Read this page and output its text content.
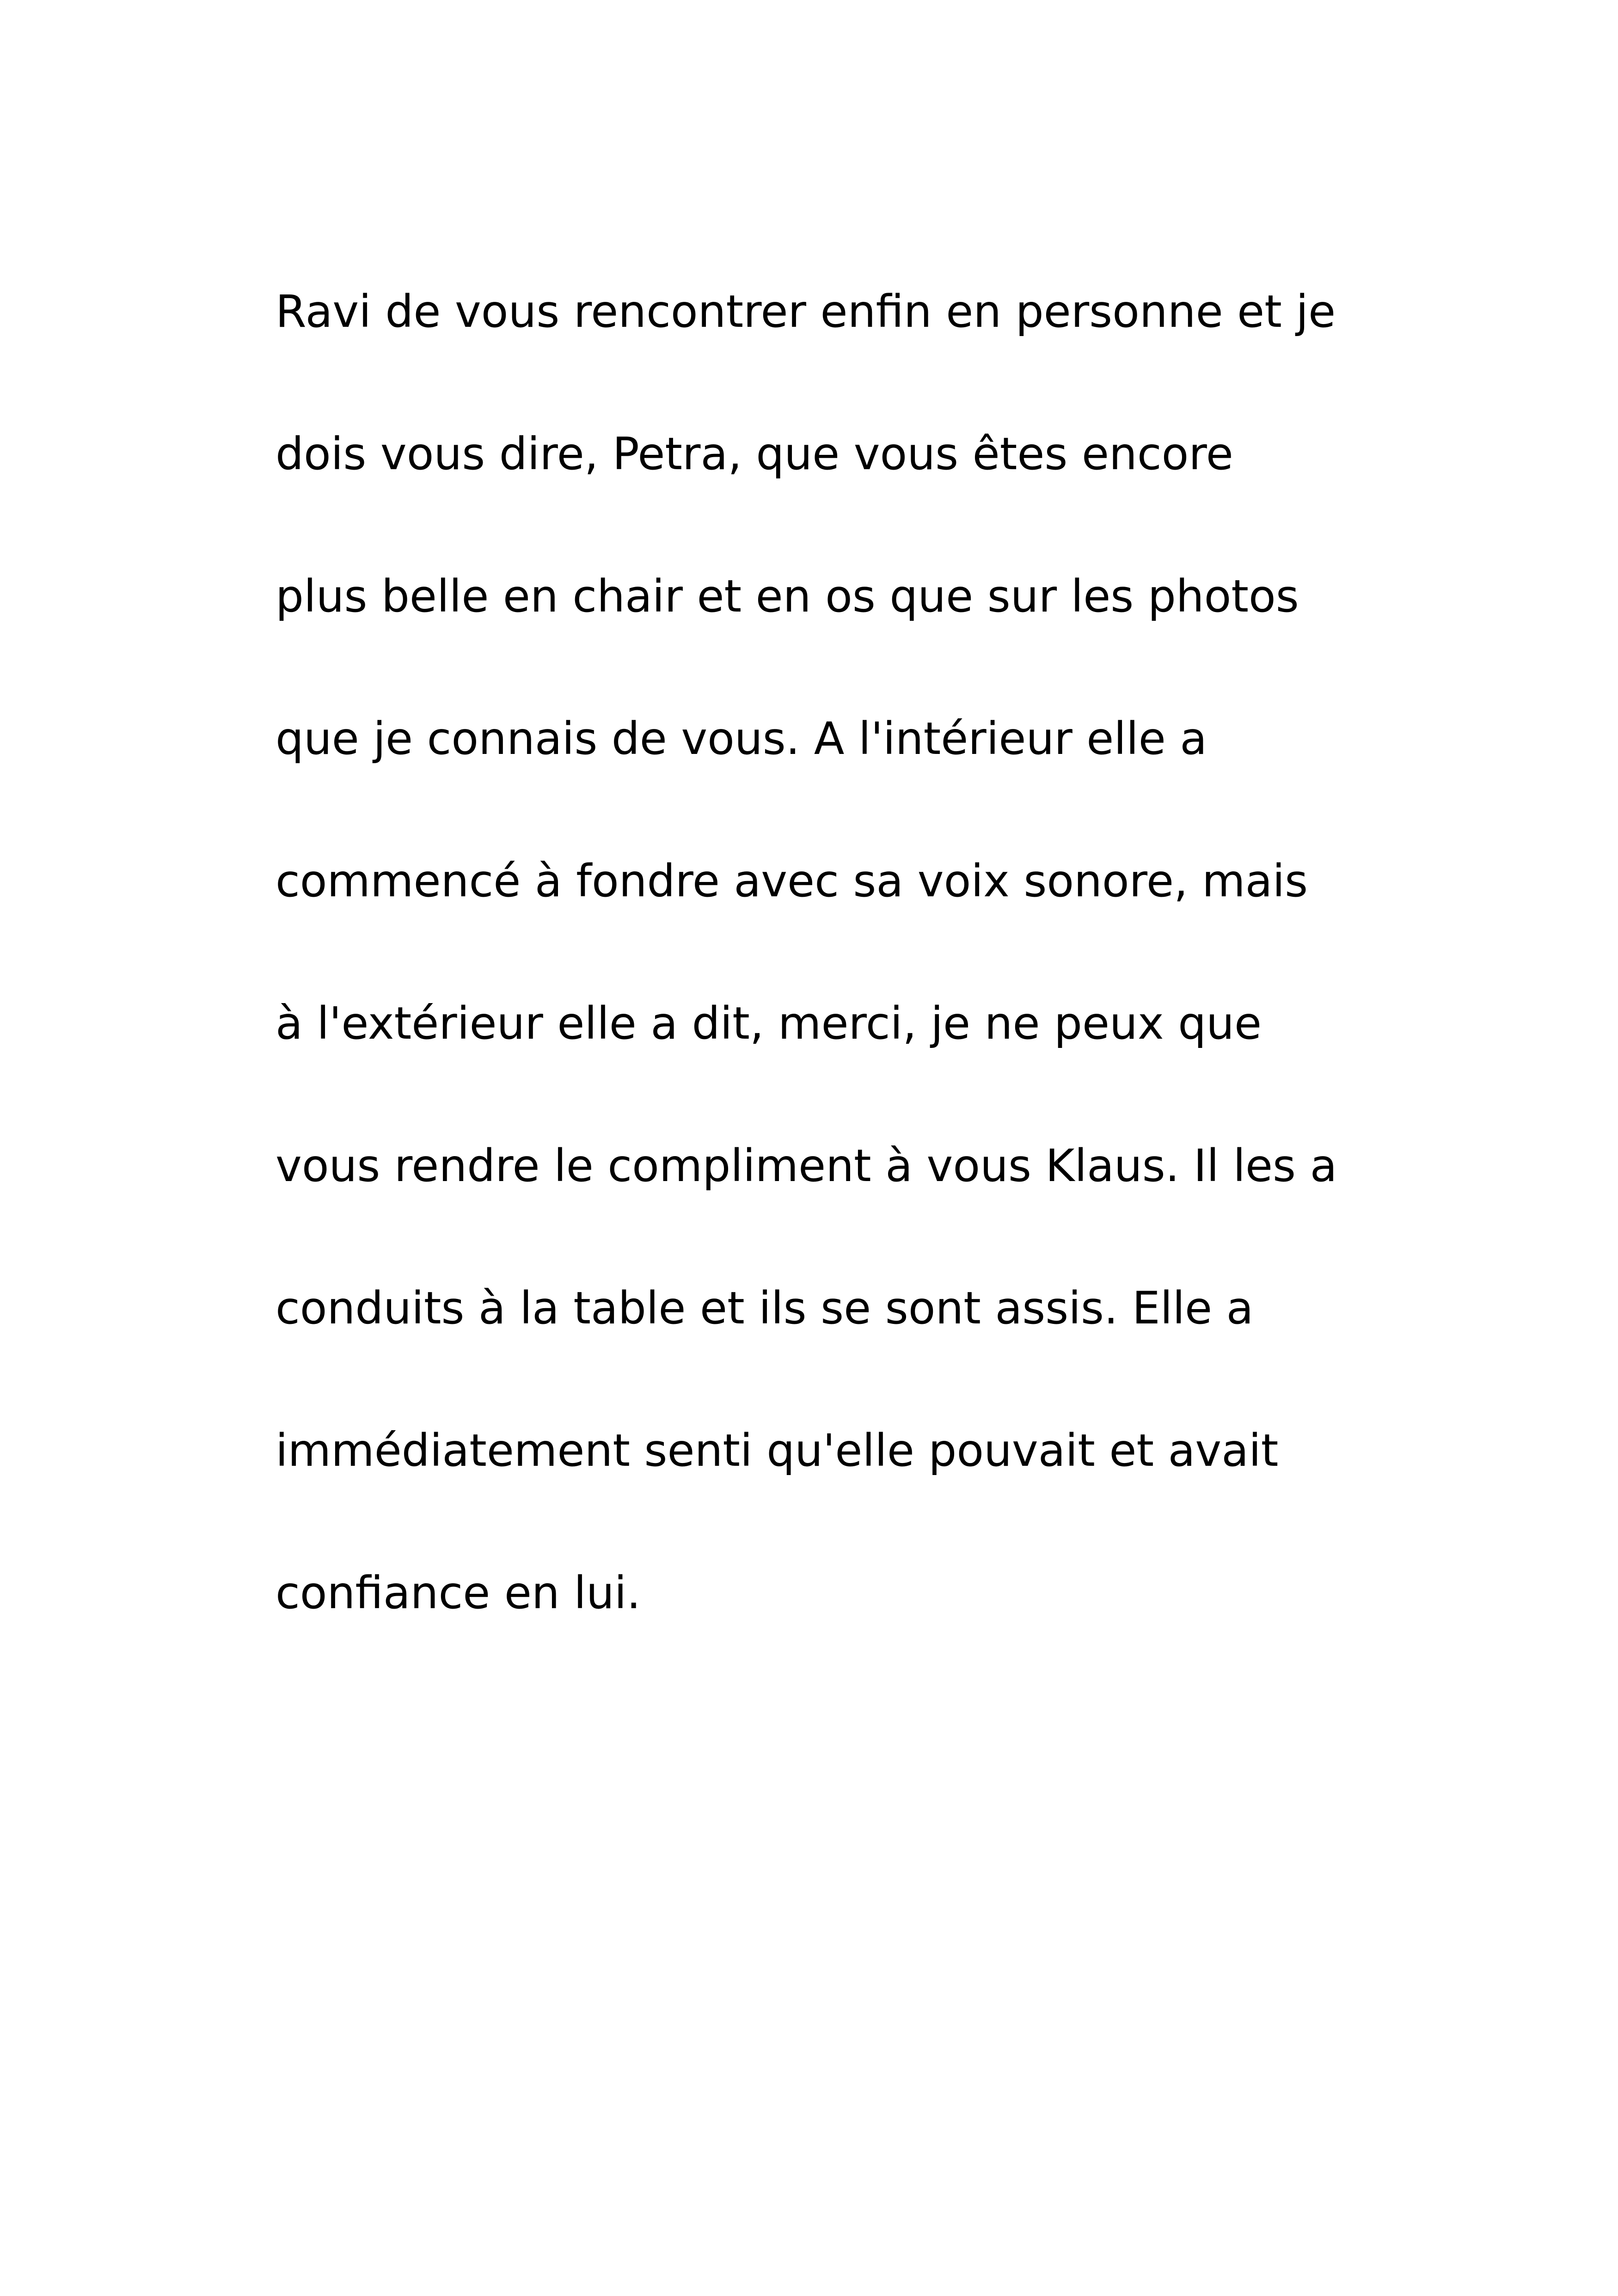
Ravi de vous rencontrer enfin en personne et je
dois vous dire, Petra, que vous êtes encore
plus belle en chair et en os que sur les photos
que je connais de vous. A l'intérieur elle a
commencé à fondre avec sa voix sonore, mais
à l'extérieur elle a dit, merci, je ne peux que
vous rendre le compliment à vous Klaus. Il les a
conduits à la table et ils se sont assis. Elle a
immédiatement senti qu'elle pouvait et avait
confiance en lui.
